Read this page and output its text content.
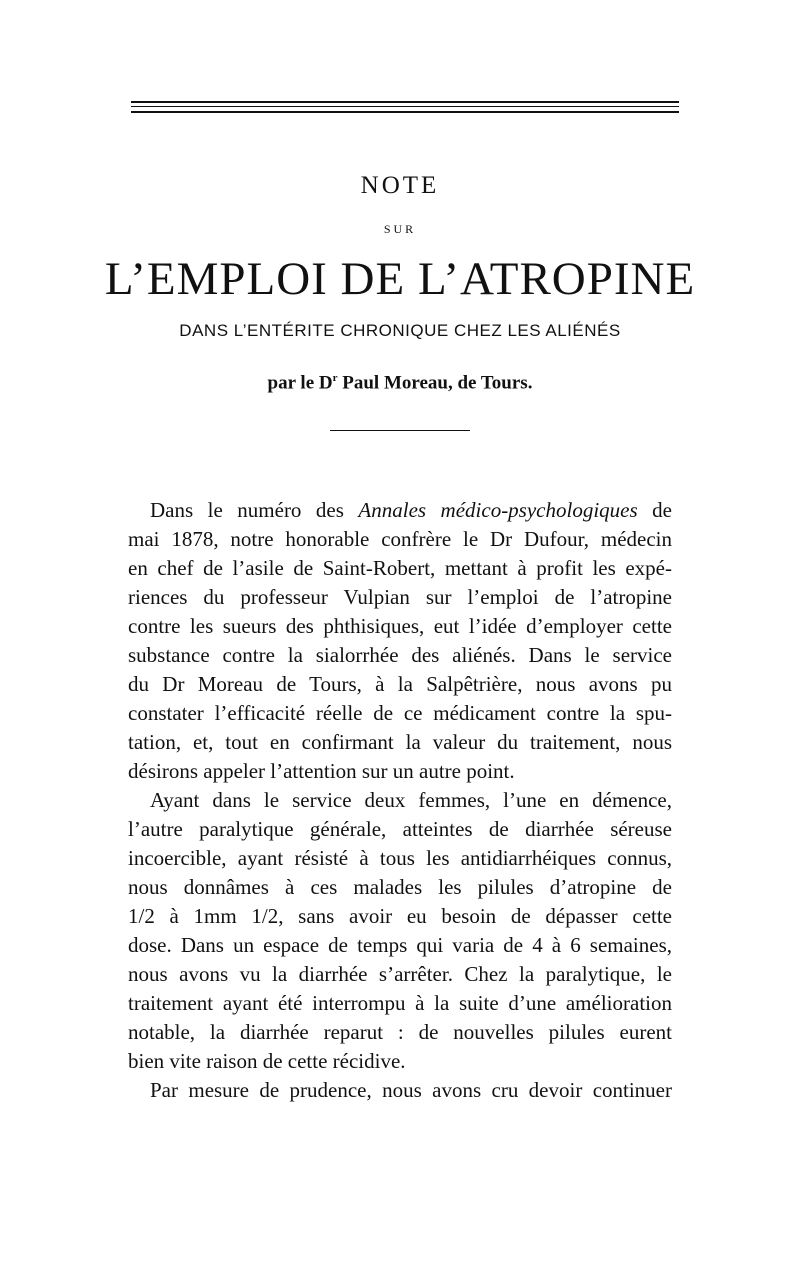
NOTE
SUR
L’EMPLOI DE L’ATROPINE
DANS L’ENTÉRITE CHRONIQUE CHEZ LES ALIÉNÉS
par le $D^r$ Paul Moreau, de Tours.
Dans le numéro des Annales médico-psychologiques de
mai 1878, notre honorable confrère le Dr Dufour, médecin
en chef de l’asile de Saint-Robert, mettant à profit les expé-
riences du professeur Vulpian sur l’emploi de l’atropine
contre les sueurs des phthisiques, eut l’idée d’employer cette
substance contre la sialorrhée des aliénés. Dans le service
du Dr Moreau de Tours, à la Salpêtrière, nous avons pu
constater l’efficacité réelle de ce médicament contre la spu-
tation, et, tout en confirmant la valeur du traitement, nous
désirons appeler l’attention sur un autre point.
Ayant dans le service deux femmes, l’une en démence,
l’autre paralytique générale, atteintes de diarrhée séreuse
incoercible, ayant résisté à tous les antidiarrhéiques connus,
nous donnâmes à ces malades les pilules d’atropine de
1/2 à 1mm 1/2, sans avoir eu besoin de dépasser cette
dose. Dans un espace de temps qui varia de 4 à 6 semaines,
nous avons vu la diarrhée s’arrêter. Chez la paralytique, le
traitement ayant été interrompu à la suite d’une amélioration
notable, la diarrhée reparut : de nouvelles pilules eurent
bien vite raison de cette récidive.
Par mesure de prudence, nous avons cru devoir continuer
